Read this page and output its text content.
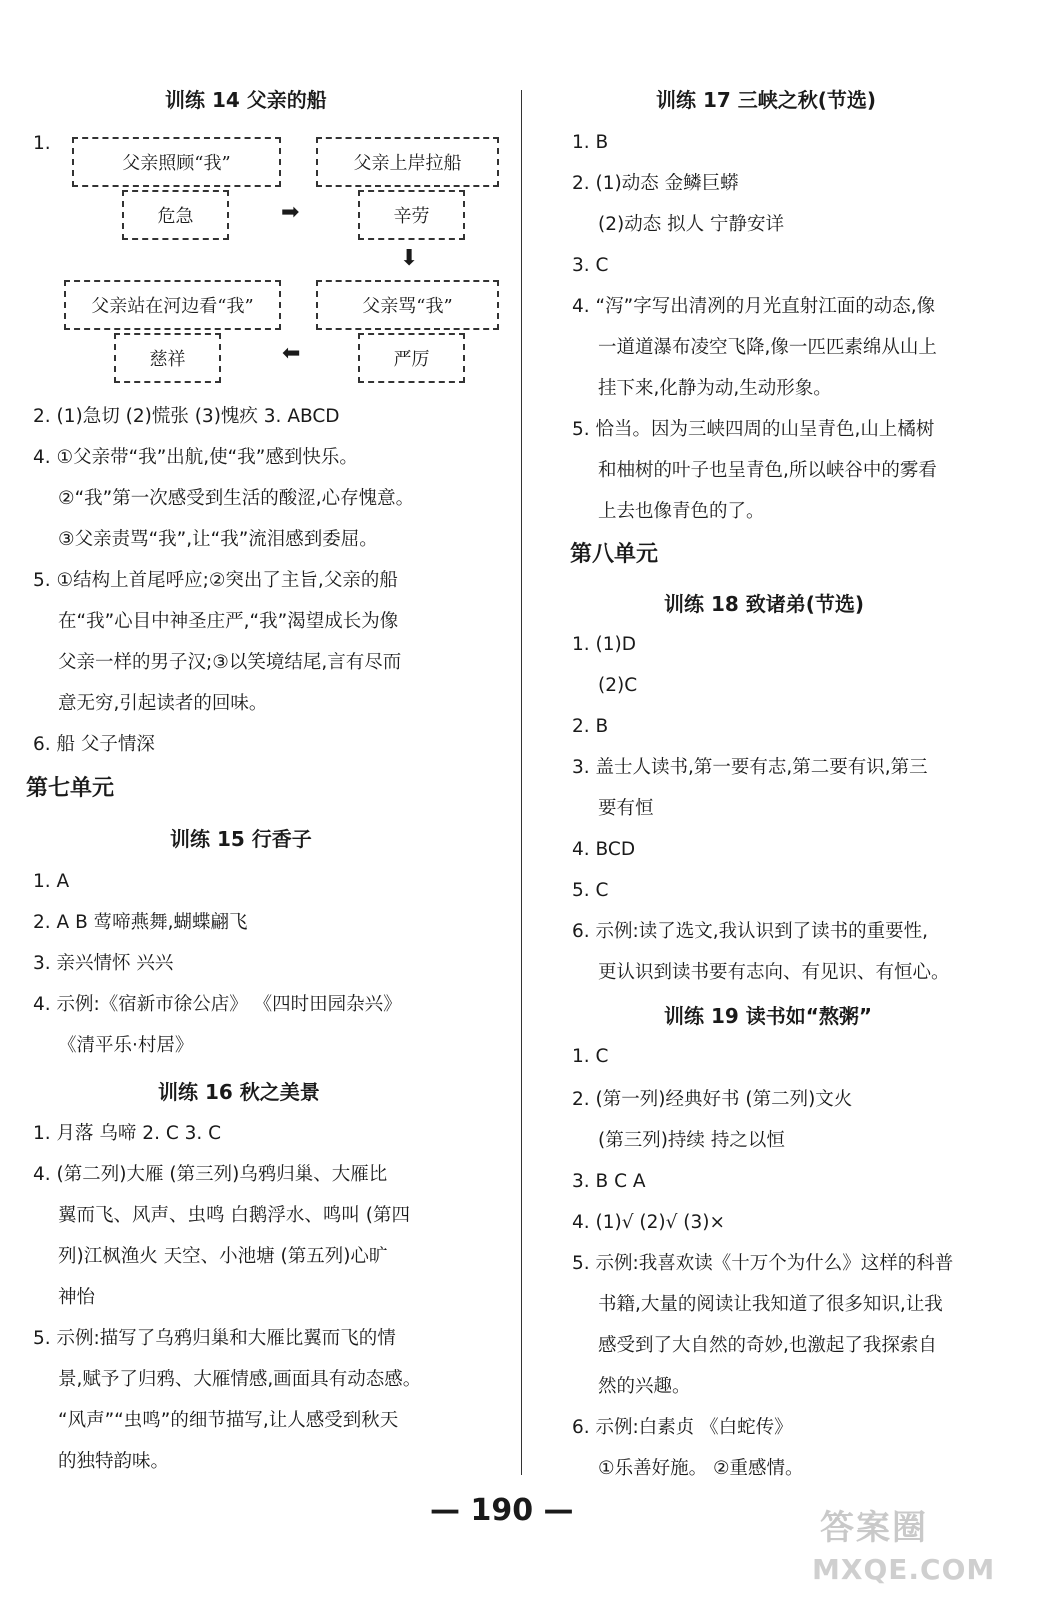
训练 14 父亲的船
1.
父亲照顾“我”
危急
父亲上岸拉船
辛劳
➡
⬇
父亲站在河边看“我”
慈祥
父亲骂“我”
严厉
⬅
2. (1)急切 (2)慌张 (3)愧疚 3. ABCD
4. ①父亲带“我”出航,使“我”感到快乐。
②“我”第一次感受到生活的酸涩,心存愧意。
③父亲责骂“我”,让“我”流泪感到委屈。
5. ①结构上首尾呼应;②突出了主旨,父亲的船
在“我”心目中神圣庄严,“我”渴望成长为像
父亲一样的男子汉;③以笑境结尾,言有尽而
意无穷,引起读者的回味。
6. 船 父子情深
第七单元
训练 15 行香子
1. A
2. A B 莺啼燕舞,蝴蝶翩飞
3. 亲兴情怀 兴兴
4. 示例:《宿新市徐公店》 《四时田园杂兴》
《清平乐·村居》
训练 16 秋之美景
1. 月落 乌啼 2. C 3. C
4. (第二列)大雁 (第三列)乌鸦归巢、大雁比
翼而飞、风声、虫鸣 白鹅浮水、鸣叫 (第四
列)江枫渔火 天空、小池塘 (第五列)心旷
神怡
5. 示例:描写了乌鸦归巢和大雁比翼而飞的情
景,赋予了归鸦、大雁情感,画面具有动态感。
“风声”“虫鸣”的细节描写,让人感受到秋天
的独特韵味。
训练 17 三峡之秋(节选)
1. B
2. (1)动态 金鳞巨蟒
(2)动态 拟人 宁静安详
3. C
4. “泻”字写出清冽的月光直射江面的动态,像
一道道瀑布凌空飞降,像一匹匹素绵从山上
挂下来,化静为动,生动形象。
5. 恰当。因为三峡四周的山呈青色,山上橘树
和柚树的叶子也呈青色,所以峡谷中的雾看
上去也像青色的了。
第八单元
训练 18 致诸弟(节选)
1. (1)D
(2)C
2. B
3. 盖士人读书,第一要有志,第二要有识,第三
要有恒
4. BCD
5. C
6. 示例:读了选文,我认识到了读书的重要性,
更认识到读书要有志向、有见识、有恒心。
训练 19 读书如“熬粥”
1. C
2. (第一列)经典好书 (第二列)文火
(第三列)持续 持之以恒
3. B C A
4. (1)√ (2)√ (3)×
5. 示例:我喜欢读《十万个为什么》这样的科普
书籍,大量的阅读让我知道了很多知识,让我
感受到了大自然的奇妙,也激起了我探索自
然的兴趣。
6. 示例:白素贞 《白蛇传》
①乐善好施。 ②重感情。
— 190 —	答案圈
MXQE.COM
